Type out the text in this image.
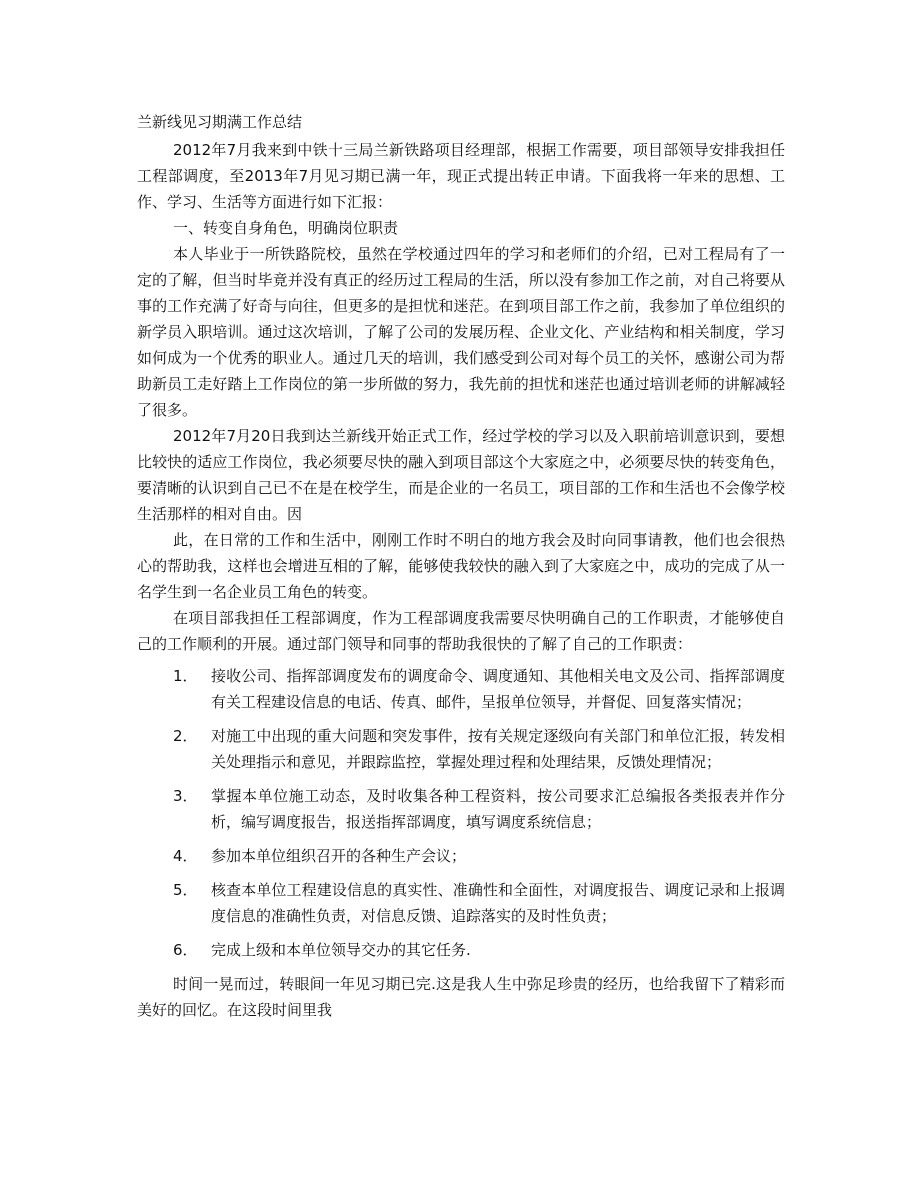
兰新线见习期满工作总结

2012年7月我来到中铁十三局兰新铁路项目经理部，根据工作需要，项目部领导安排我担任工程部调度，至2013年7月见习期已满一年，现正式提出转正申请。下面我将一年来的思想、工作、学习、生活等方面进行如下汇报：

一、转变自身角色，明确岗位职责

本人毕业于一所铁路院校，虽然在学校通过四年的学习和老师们的介绍，已对工程局有了一定的了解，但当时毕竟并没有真正的经历过工程局的生活，所以没有参加工作之前，对自己将要从事的工作充满了好奇与向往，但更多的是担忧和迷茫。在到项目部工作之前，我参加了单位组织的新学员入职培训。通过这次培训，了解了公司的发展历程、企业文化、产业结构和相关制度，学习如何成为一个优秀的职业人。通过几天的培训，我们感受到公司对每个员工的关怀，感谢公司为帮助新员工走好踏上工作岗位的第一步所做的努力，我先前的担忧和迷茫也通过培训老师的讲解减轻了很多。

2012年7月20日我到达兰新线开始正式工作，经过学校的学习以及入职前培训意识到，要想比较快的适应工作岗位，我必须要尽快的融入到项目部这个大家庭之中，必须要尽快的转变角色，要清晰的认识到自己已不在是在校学生，而是企业的一名员工，项目部的工作和生活也不会像学校生活那样的相对自由。因

此，在日常的工作和生活中，刚刚工作时不明白的地方我会及时向同事请教，他们也会很热心的帮助我，这样也会增进互相的了解，能够使我较快的融入到了大家庭之中，成功的完成了从一名学生到一名企业员工角色的转变。

在项目部我担任工程部调度，作为工程部调度我需要尽快明确自己的工作职责，才能够使自己的工作顺利的开展。通过部门领导和同事的帮助我很快的了解了自己的工作职责：

1． 接收公司、指挥部调度发布的调度命令、调度通知、其他相关电文及公司、指挥部调度有关工程建设信息的电话、传真、邮件，呈报单位领导，并督促、回复落实情况；
2． 对施工中出现的重大问题和突发事件，按有关规定逐级向有关部门和单位汇报，转发相关处理指示和意见，并跟踪监控，掌握处理过程和处理结果，反馈处理情况；
3． 掌握本单位施工动态，及时收集各种工程资料，按公司要求汇总编报各类报表并作分析，编写调度报告，报送指挥部调度，填写调度系统信息；
4． 参加本单位组织召开的各种生产会议；
5． 核查本单位工程建设信息的真实性、准确性和全面性，对调度报告、调度记录和上报调度信息的准确性负责，对信息反馈、追踪落实的及时性负责；
6． 完成上级和本单位领导交办的其它任务.

时间一晃而过，转眼间一年见习期已完.这是我人生中弥足珍贵的经历，也给我留下了精彩而美好的回忆。在这段时间里我
